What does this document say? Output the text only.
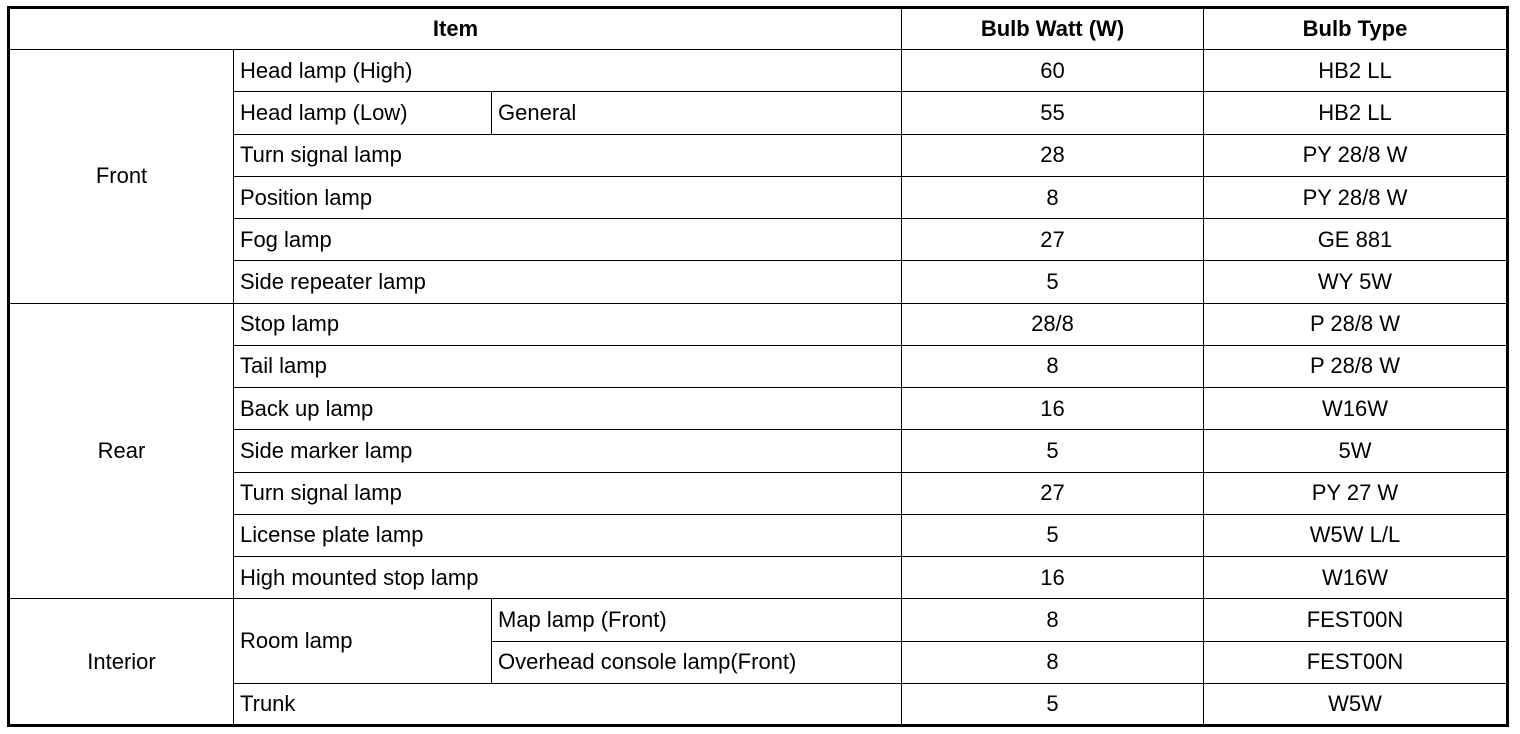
Item			Bulb Watt (W)	Bulb Type
Front	Head lamp (High)		60	HB2 LL
	Head lamp (Low)	General	55	HB2 LL
	Turn signal lamp		28	PY 28/8 W
	Position lamp		8	PY 28/8 W
	Fog lamp		27	GE 881
	Side repeater lamp		5	WY 5W
Rear	Stop lamp		28/8	P 28/8 W
	Tail lamp		8	P 28/8 W
	Back up lamp		16	W16W
	Side marker lamp		5	5W
	Turn signal lamp		27	PY 27 W
	License plate lamp		5	W5W L/L
	High mounted stop lamp		16	W16W
Interior	Room lamp	Map lamp (Front)	8	FEST00N
		Overhead console lamp(Front)	8	FEST00N
	Trunk		5	W5W
